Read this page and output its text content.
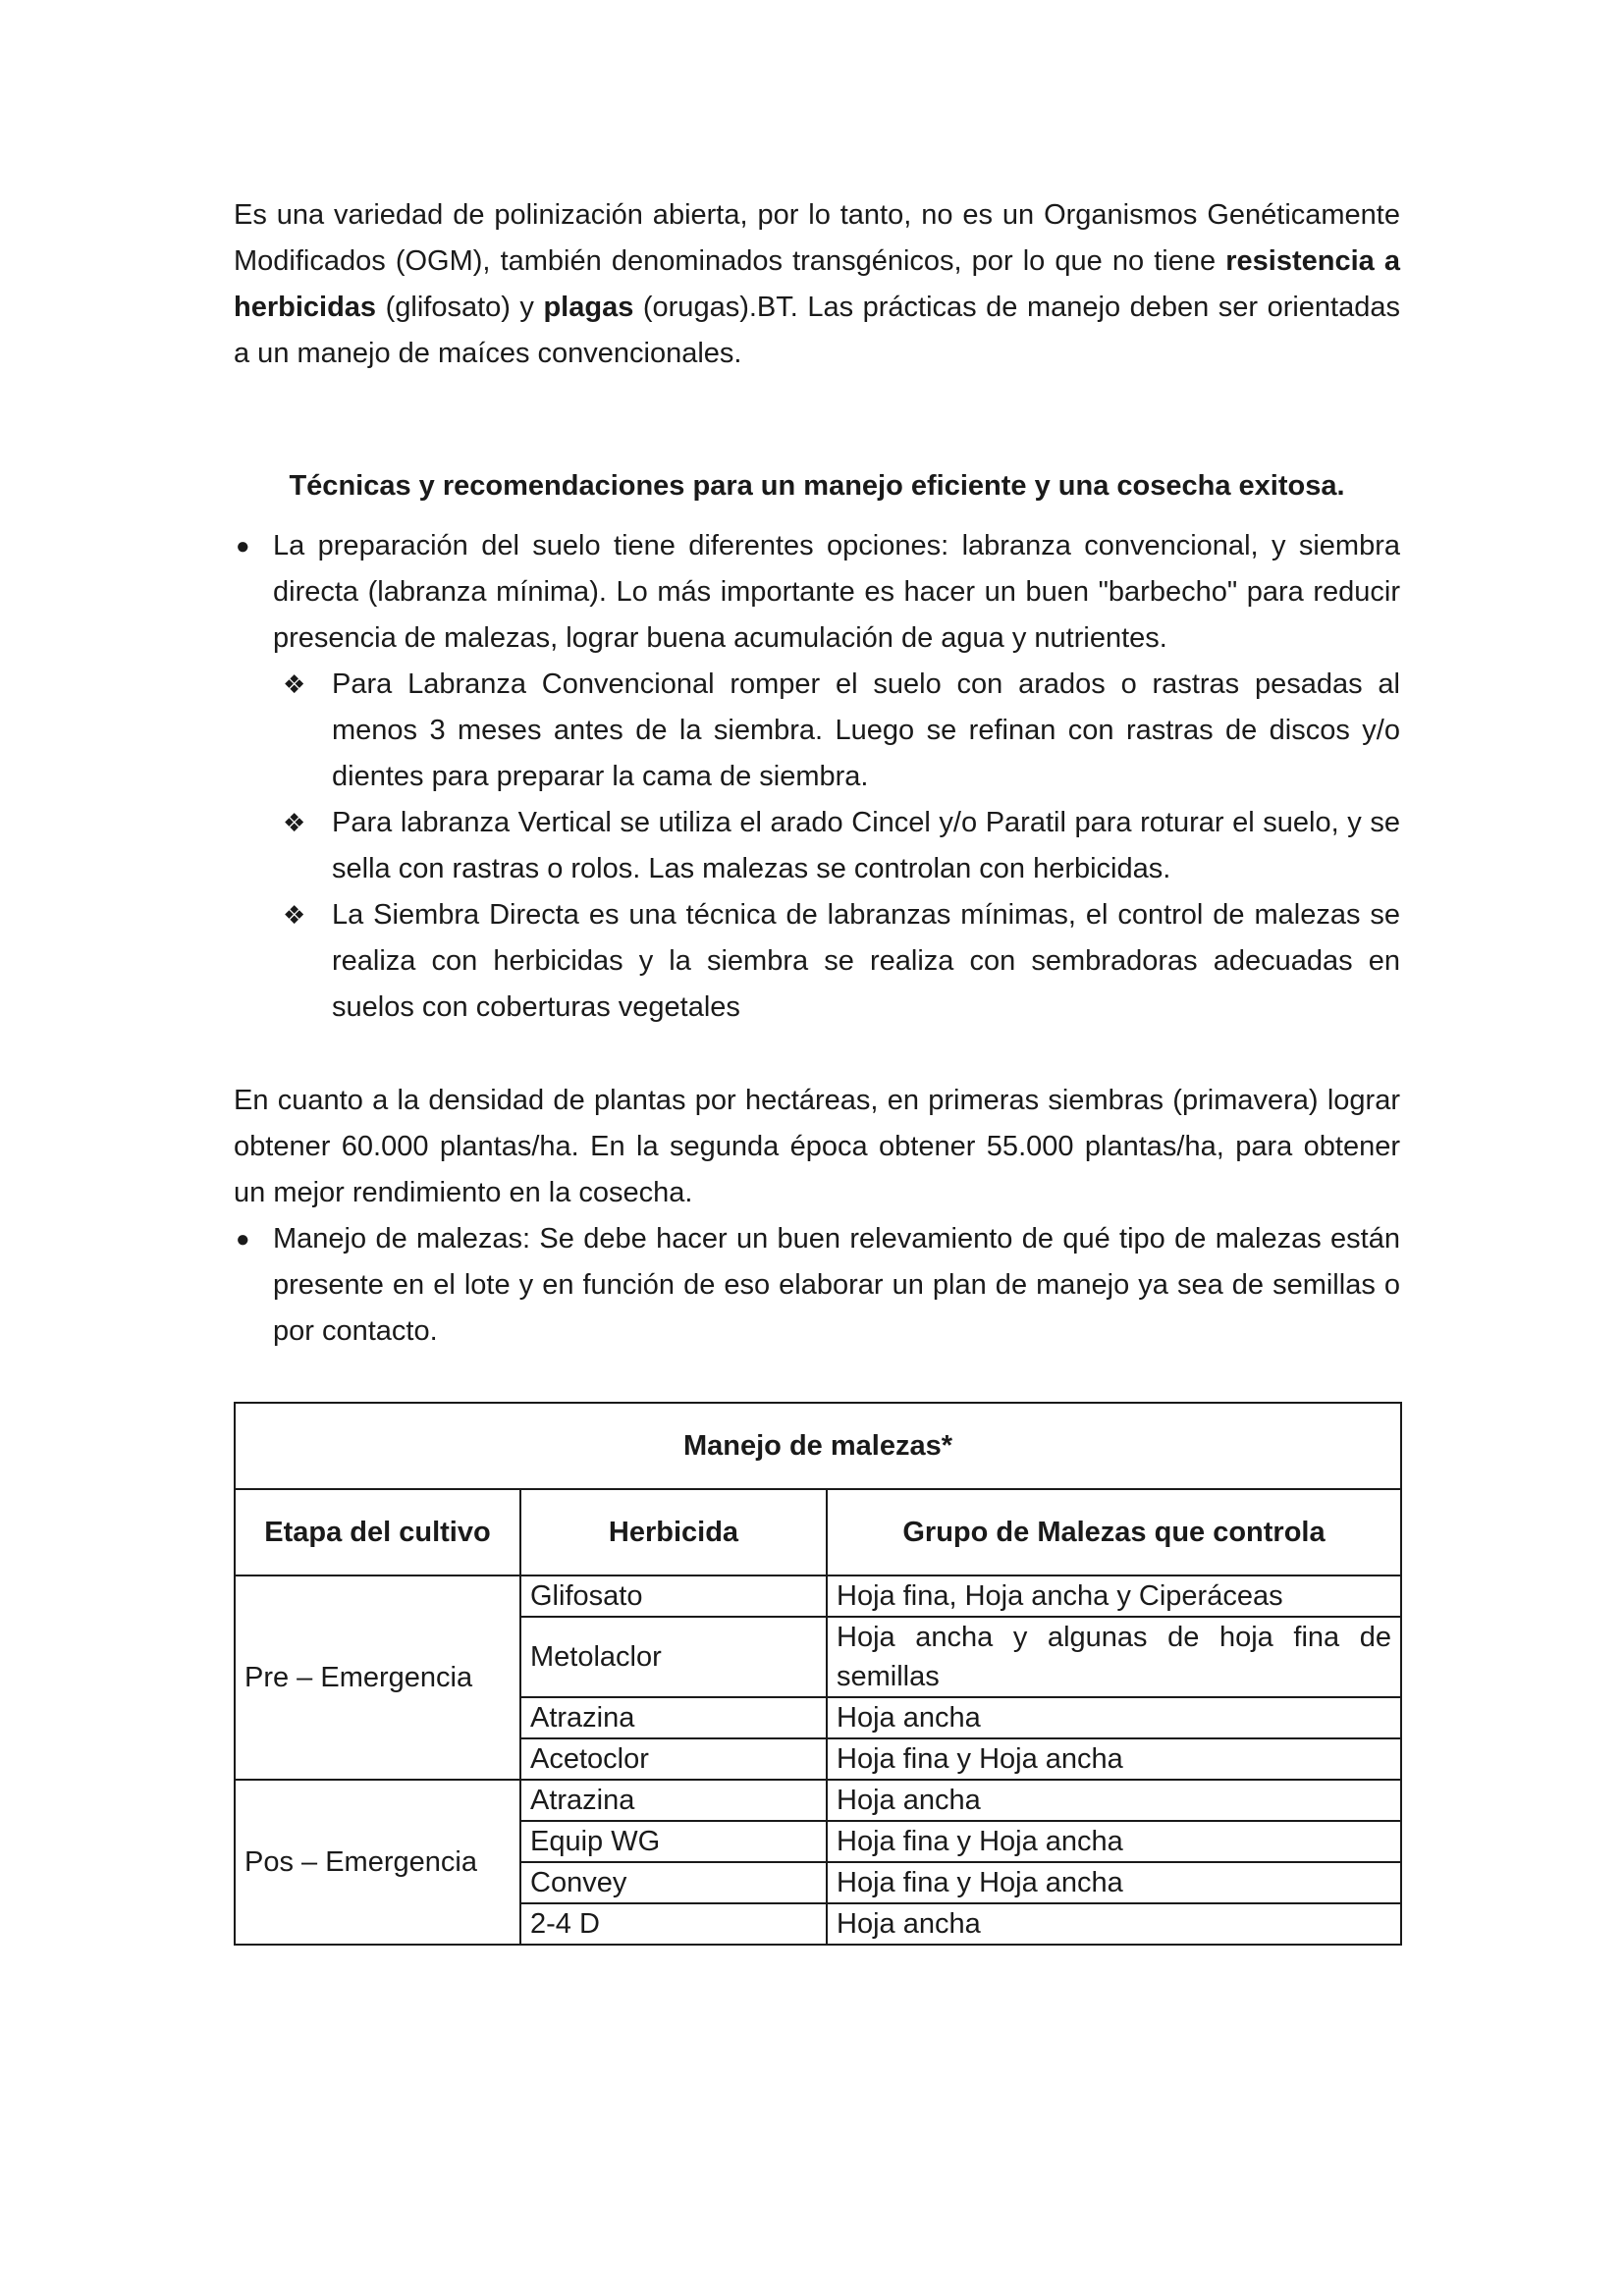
Es una variedad de polinización abierta, por lo tanto, no es un Organismos Genéticamente Modificados (OGM), también denominados transgénicos, por lo que no tiene resistencia a herbicidas (glifosato) y plagas (orugas).BT. Las prácticas de manejo deben ser orientadas a un manejo de maíces convencionales.

Técnicas y recomendaciones para un manejo eficiente y una cosecha exitosa.

● La preparación del suelo tiene diferentes opciones: labranza convencional, y siembra directa (labranza mínima). Lo más importante es hacer un buen "barbecho" para reducir presencia de malezas, lograr buena acumulación de agua y nutrientes.

❖ Para Labranza Convencional romper el suelo con arados o rastras pesadas al menos 3 meses antes de la siembra. Luego se refinan con rastras de discos y/o dientes para preparar la cama de siembra.

❖ Para labranza Vertical se utiliza el arado Cincel y/o Paratil para roturar el suelo, y se sella con rastras o rolos. Las malezas se controlan con herbicidas.

❖ La Siembra Directa es una técnica de labranzas mínimas, el control de malezas se realiza con herbicidas y la siembra se realiza con sembradoras adecuadas en suelos con coberturas vegetales

En cuanto a la densidad de plantas por hectáreas, en primeras siembras (primavera) lograr obtener 60.000 plantas/ha. En la segunda época obtener 55.000 plantas/ha, para obtener un mejor rendimiento en la cosecha.

● Manejo de malezas: Se debe hacer un buen relevamiento de qué tipo de malezas están presente en el lote y en función de eso elaborar un plan de manejo ya sea de semillas o por contacto.

Manejo de malezas*		
Etapa del cultivo	Herbicida	Grupo de Malezas que controla
Pre – Emergencia	Glifosato	Hoja fina, Hoja ancha y Ciperáceas
	Metolaclor	Hoja ancha y algunas de hoja fina de semillas
	Atrazina	Hoja ancha
	Acetoclor	Hoja fina y Hoja ancha
Pos – Emergencia	Atrazina	Hoja ancha
	Equip WG	Hoja fina y Hoja ancha
	Convey	Hoja fina y Hoja ancha
	2-4 D	Hoja ancha
